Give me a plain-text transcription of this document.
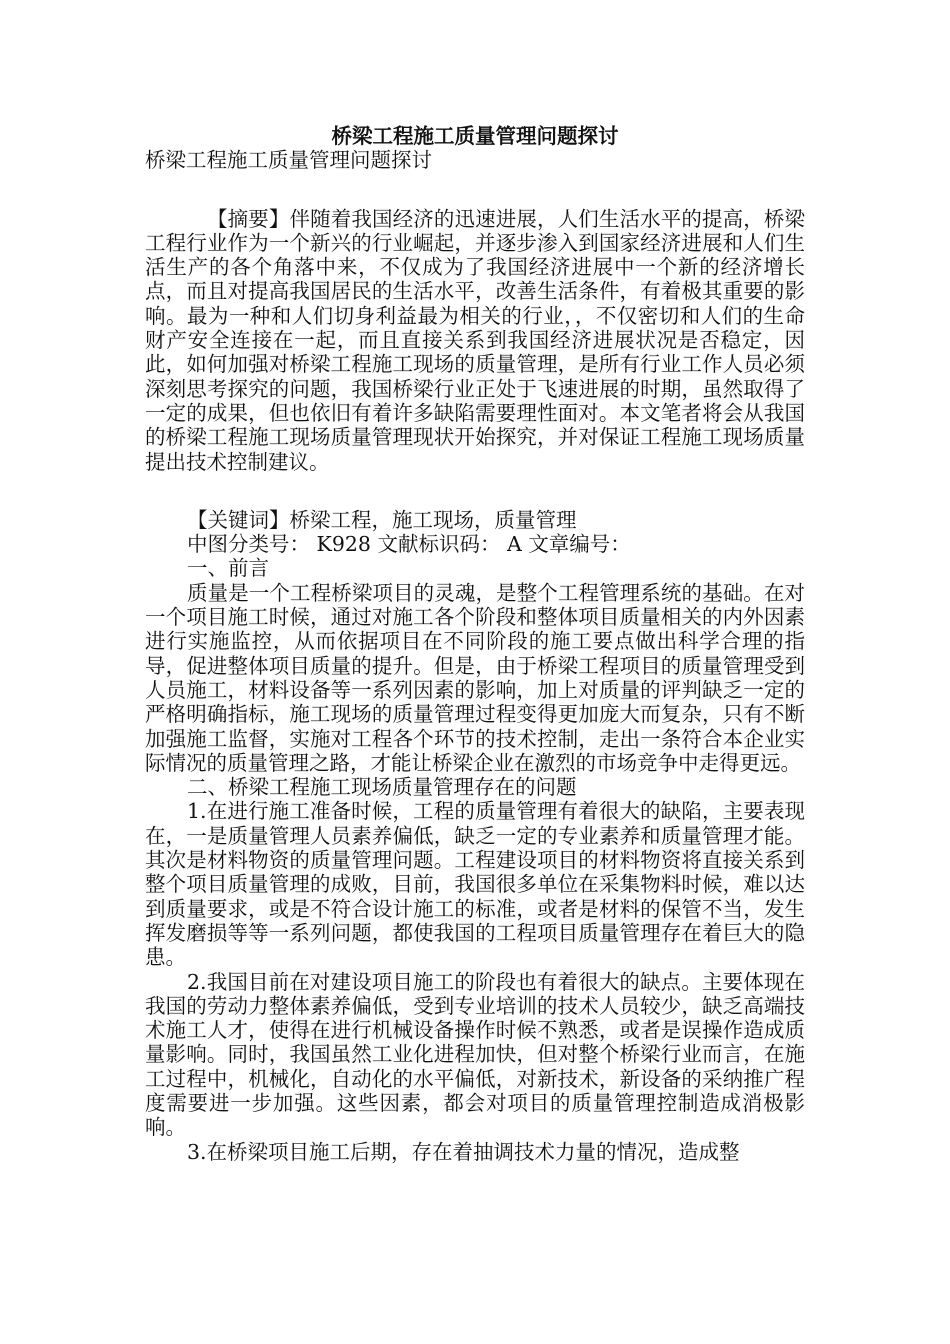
桥梁工程施工质量管理问题探讨

桥梁工程施工质量管理问题探讨

【摘要】伴随着我国经济的迅速进展，人们生活水平的提高，桥梁工程行业作为一个新兴的行业崛起，并逐步渗入到国家经济进展和人们生活生产的各个角落中来，不仅成为了我国经济进展中一个新的经济增长点，而且对提高我国居民的生活水平，改善生活条件，有着极其重要的影响。最为一种和人们切身利益最为相关的行业，，不仅密切和人们的生命财产安全连接在一起，而且直接关系到我国经济进展状况是否稳定，因此，如何加强对桥梁工程施工现场的质量管理，是所有行业工作人员必须深刻思考探究的问题，我国桥梁行业正处于飞速进展的时期，虽然取得了一定的成果，但也依旧有着许多缺陷需要理性面对。本文笔者将会从我国的桥梁工程施工现场质量管理现状开始探究，并对保证工程施工现场质量提出技术控制建议。

【关键词】桥梁工程，施工现场，质量管理

中图分类号： K928 文献标识码： A 文章编号：

一、前言

质量是一个工程桥梁项目的灵魂，是整个工程管理系统的基础。在对一个项目施工时候，通过对施工各个阶段和整体项目质量相关的内外因素进行实施监控，从而依据项目在不同阶段的施工要点做出科学合理的指导，促进整体项目质量的提升。但是，由于桥梁工程项目的质量管理受到人员施工，材料设备等一系列因素的影响，加上对质量的评判缺乏一定的严格明确指标，施工现场的质量管理过程变得更加庞大而复杂，只有不断加强施工监督，实施对工程各个环节的技术控制，走出一条符合本企业实际情况的质量管理之路，才能让桥梁企业在激烈的市场竞争中走得更远。

二、桥梁工程施工现场质量管理存在的问题

1.在进行施工准备时候，工程的质量管理有着很大的缺陷，主要表现在，一是质量管理人员素养偏低，缺乏一定的专业素养和质量管理才能。其次是材料物资的质量管理问题。工程建设项目的材料物资将直接关系到整个项目质量管理的成败，目前，我国很多单位在采集物料时候，难以达到质量要求，或是不符合设计施工的标准，或者是材料的保管不当，发生挥发磨损等等一系列问题，都使我国的工程项目质量管理存在着巨大的隐患。

2.我国目前在对建设项目施工的阶段也有着很大的缺点。主要体现在我国的劳动力整体素养偏低，受到专业培训的技术人员较少，缺乏高端技术施工人才，使得在进行机械设备操作时候不熟悉，或者是误操作造成质量影响。同时，我国虽然工业化进程加快，但对整个桥梁行业而言，在施工过程中，机械化，自动化的水平偏低，对新技术，新设备的采纳推广程度需要进一步加强。这些因素，都会对项目的质量管理控制造成消极影响。

3.在桥梁项目施工后期，存在着抽调技术力量的情况，造成整
